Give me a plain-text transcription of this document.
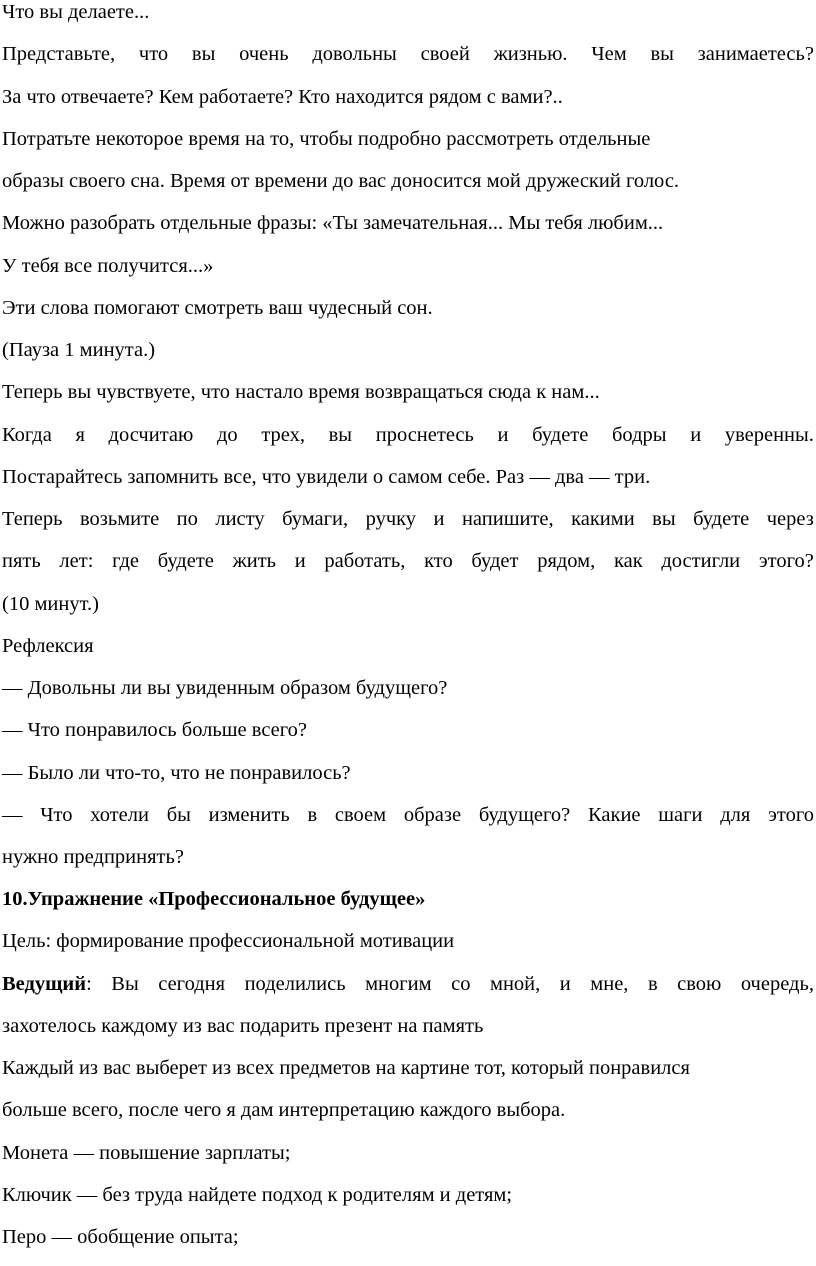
Что вы делаете...
Представьте, что вы очень довольны своей жизнью. Чем вы занимаетесь?
За что отвечаете? Кем работаете? Кто находится рядом с вами?..
Потратьте некоторое время на то, чтобы подробно рассмотреть отдельные
образы своего сна. Время от времени до вас доносится мой дружеский голос.
Можно разобрать отдельные фразы: «Ты замечательная... Мы тебя любим...
У тебя все получится...»
Эти слова помогают смотреть ваш чудесный сон.
(Пауза 1 минута.)
Теперь вы чувствуете, что настало время возвращаться сюда к нам...
Когда я досчитаю до трех, вы проснетесь и будете бодры и уверенны.
Постарайтесь запомнить все, что увидели о самом себе. Раз — два — три.
Теперь возьмите по листу бумаги, ручку и напишите, какими вы будете через
пять лет: где будете жить и работать, кто будет рядом, как достигли этого?
(10 минут.)
Рефлексия
— Довольны ли вы увиденным образом будущего?
— Что понравилось больше всего?
— Было ли что-то, что не понравилось?
— Что хотели бы изменить в своем образе будущего? Какие шаги для этого
нужно предпринять?
10.Упражнение «Профессиональное будущее»
Цель: формирование профессиональной мотивации
Ведущий : Вы сегодня поделились многим со мной, и мне, в свою очередь,
захотелось каждому из вас подарить презент на память
Каждый из вас выберет из всех предметов на картине тот, который понравился
больше всего, после чего я дам интерпретацию каждого выбора.
Монета — повышение зарплаты;
Ключик — без труда найдете подход к родителям и детям;
Перо — обобщение опыта;
